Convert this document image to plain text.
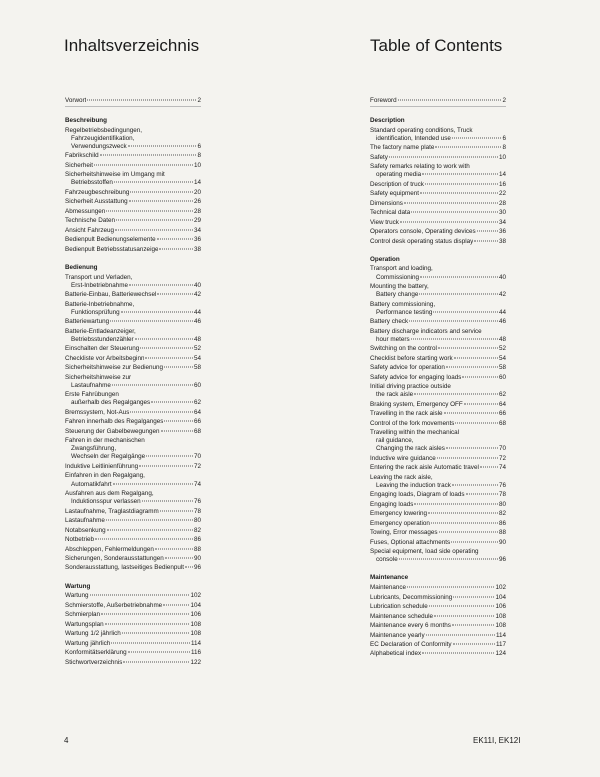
Inhaltsverzeichnis	Table of Contents
Vorwort	2
Beschreibung
Regelbetriebsbedingungen,
Fahrzeugidentifikation,
Verwendungszweck	6
Fabrikschild	8
Sicherheit	10
Sicherheitshinweise im Umgang mit
Betriebsstoffen	14
Fahrzeugbeschreibung	20
Sicherheit Ausstattung	26
Abmessungen	28
Technische Daten	29
Ansicht Fahrzeug	34
Bedienpult Bedienungselemente	36
Bedienpult Betriebsstatusanzeige	38
Bedienung
Transport und Verladen,
Erst-Inbetriebnahme	40
Batterie-Einbau, Batteriewechsel	42
Batterie-Inbetriebnahme,
Funktionsprüfung	44
Batteriewartung	46
Batterie-Entladeanzeiger,
Betriebsstundenzähler	48
Einschalten der Steuerung	52
Checkliste vor Arbeitsbeginn	54
Sicherheitshinweise zur Bedienung	58
Sicherheitshinweise zur
Lastaufnahme	60
Erste Fahrübungen
außerhalb des Regalganges	62
Bremssystem, Not-Aus	64
Fahren innerhalb des Regalganges	66
Steuerung der Gabelbewegungen	68
Fahren in der mechanischen
Zwangsführung,
Wechseln der Regalgänge	70
Induktive Leitlinienführung	72
Einfahren in den Regalgang,
Automatikfahrt	74
Ausfahren aus dem Regalgang,
Induktionsspur verlassen	76
Lastaufnahme, Traglastdiagramm	78
Lastaufnahme	80
Notabsenkung	82
Notbetrieb	86
Abschleppen, Fehlermeldungen	88
Sicherungen, Sonderausstattungen	90
Sonderausstattung, lastseitiges Bedienpult 96
Wartung
Wartung	102
Schmierstoffe, Außerbetriebnahme	104
Schmierplan	106
Wartungsplan	108
Wartung 1/2 jährlich	108
Wartung jährlich	114
Konformitätserklärung	116
Stichwortverzeichnis	122
Foreword	2
Description
Standard operating conditions, Truck
identification, Intended use	6
The factory name plate	8
Safety	10
Safety remarks relating to work with
operating media	14
Description of truck	16
Safety equipment	22
Dimensions	28
Technical data	30
View truck	34
Operators console, Operating devices	36
Control desk operating status display	38
Operation
Transport and loading,
Commissioning	40
Mounting the battery,
Battery change	42
Battery commissioning,
Performance testing	44
Battery check	46
Battery discharge indicators and service
hour meters	48
Switching on the control	52
Checklist before starting work	54
Safety advice for operation	58
Safety advice for engaging loads	60
Initial driving practice outside
the rack aisle	62
Braking system, Emergency OFF	64
Travelling in the rack aisle	66
Control of the fork movements	68
Travelling within the mechanical
rail guidance,
Changing the rack aisles	70
Inductive wire guidance	72
Entering the rack aisle Automatic travel	74
Leaving the rack aisle,
Leaving the induction track	76
Engaging loads, Diagram of loads	78
Engaging loads	80
Emergency lowering	82
Emergency operation	86
Towing, Error messages	88
Fuses, Optional attachments	90
Special equipment, load side operating
console	96
Maintenance
Maintenance	102
Lubricants, Decommissioning	104
Lubrication schedule	106
Maintenance schedule	108
Maintenance every 6 months	108
Maintenance yearly	114
EC Declaration of Conformity	117
Alphabetical index	124
4	EK11I, EK12I
